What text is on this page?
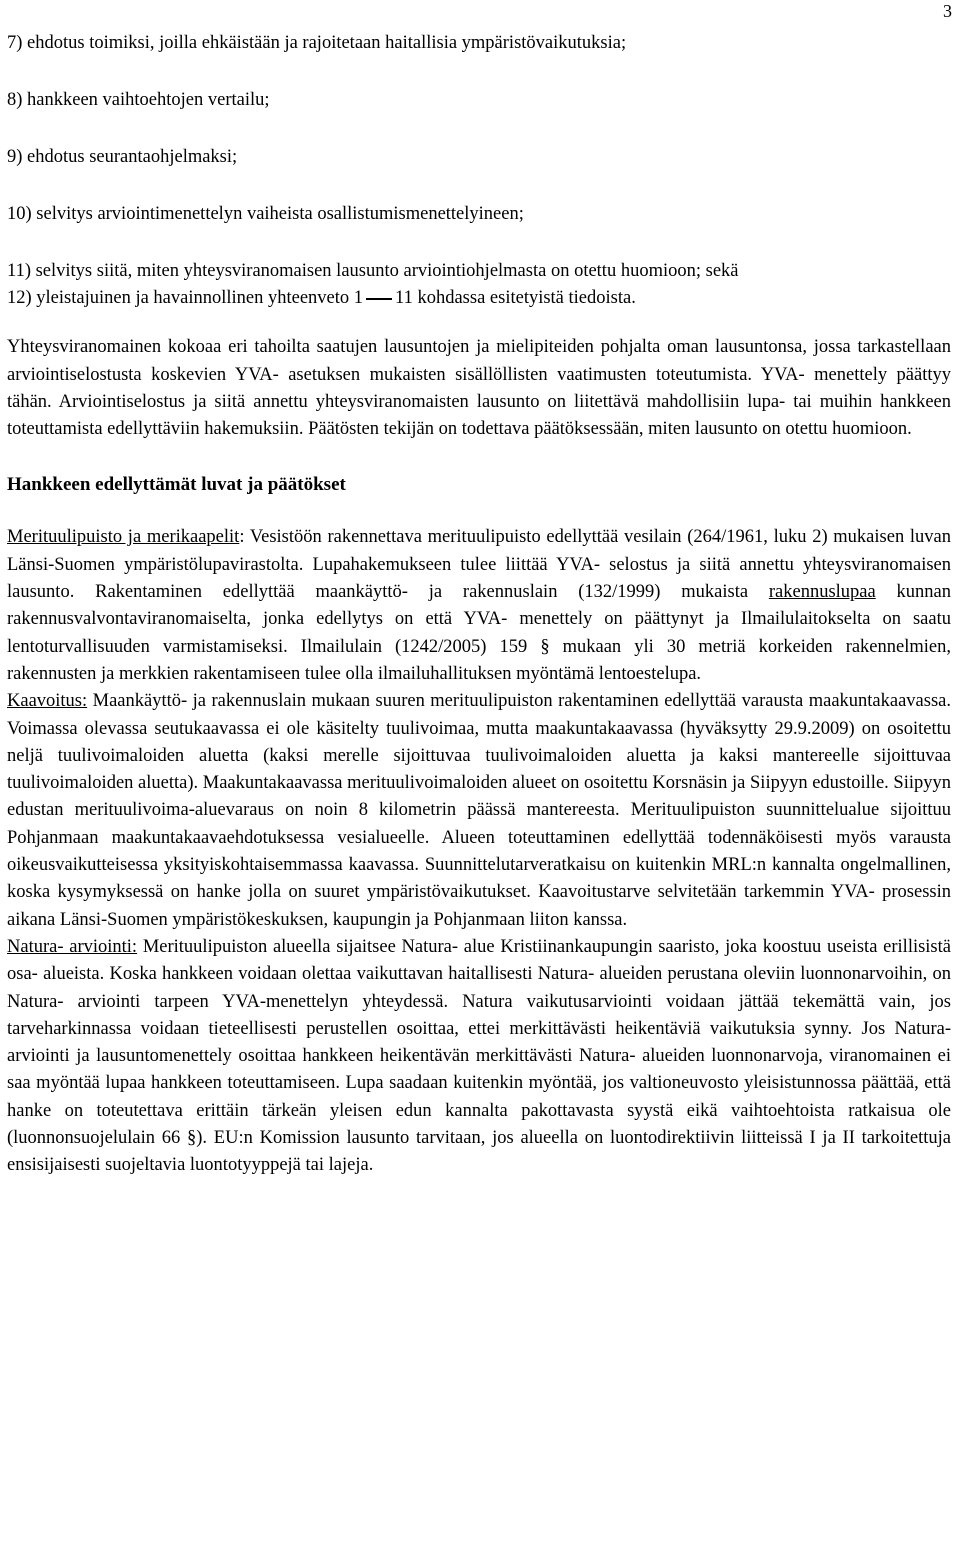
3

7) ehdotus toimiksi, joilla ehkäistään ja rajoitetaan haitallisia ympäristövaikutuksia;

8) hankkeen vaihtoehtojen vertailu;

9) ehdotus seurantaohjelmaksi;

10) selvitys arviointimenettelyn vaiheista osallistumismenettelyineen;

11) selvitys siitä, miten yhteysviranomaisen lausunto arviointiohjelmasta on otettu huomioon; sekä

12) yleistajuinen ja havainnollinen yhteenveto 1 11 kohdassa esitetyistä tiedoista.

Yhteysviranomainen kokoaa eri tahoilta saatujen lausuntojen ja mielipiteiden pohjalta oman lausuntonsa, jossa tarkastellaan arviointiselostusta koskevien YVA- asetuksen mukaisten sisällöllisten vaatimusten toteutumista. YVA- menettely päättyy tähän. Arviointiselostus ja siitä annettu yhteysviranomaisten lausunto on liitettävä mahdollisiin lupa- tai muihin hankkeen toteuttamista edellyttäviin hakemuksiin. Päätösten tekijän on todettava päätöksessään, miten lausunto on otettu huomioon.

Hankkeen edellyttämät luvat ja päätökset

Merituulipuisto ja merikaapelit: Vesistöön rakennettava merituulipuisto edellyttää vesilain (264/1961, luku 2) mukaisen luvan Länsi-Suomen ympäristölupavirastolta. Lupahakemukseen tulee liittää YVA- selostus ja siitä annettu yhteysviranomaisen lausunto. Rakentaminen edellyttää maankäyttö- ja rakennuslain (132/1999) mukaista rakennuslupaa kunnan rakennusvalvontaviranomaiselta, jonka edellytys on että YVA- menettely on päättynyt ja Ilmailulaitokselta on saatu lentoturvallisuuden varmistamiseksi. Ilmailulain (1242/2005) 159 § mukaan yli 30 metriä korkeiden rakennelmien, rakennusten ja merkkien rakentamiseen tulee olla ilmailuhallituksen myöntämä lentoestelupa.

Kaavoitus: Maankäyttö- ja rakennuslain mukaan suuren merituulipuiston rakentaminen edellyttää varausta maakuntakaavassa. Voimassa olevassa seutukaavassa ei ole käsitelty tuulivoimaa, mutta maakuntakaavassa (hyväksytty 29.9.2009) on osoitettu neljä tuulivoimaloiden aluetta (kaksi merelle sijoittuvaa tuulivoimaloiden aluetta ja kaksi mantereelle sijoittuvaa tuulivoimaloiden aluetta). Maakuntakaavassa merituulivoimaloiden alueet on osoitettu Korsnäsin ja Siipyyn edustoille. Siipyyn edustan merituulivoima-aluevaraus on noin 8 kilometrin päässä mantereesta. Merituulipuiston suunnittelualue sijoittuu Pohjanmaan maakuntakaavaehdotuksessa vesialueelle. Alueen toteuttaminen edellyttää todennäköisesti myös varausta oikeusvaikutteisessa yksityiskohtaisemmassa kaavassa. Suunnittelutarveratkaisu on kuitenkin MRL:n kannalta ongelmallinen, koska kysymyksessä on hanke jolla on suuret ympäristövaikutukset. Kaavoitustarve selvitetään tarkemmin YVA- prosessin aikana Länsi-Suomen ympäristökeskuksen, kaupungin ja Pohjanmaan liiton kanssa.

Natura- arviointi: Merituulipuiston alueella sijaitsee Natura- alue Kristiinankaupungin saaristo, joka koostuu useista erillisistä osa- alueista. Koska hankkeen voidaan olettaa vaikuttavan haitallisesti Natura- alueiden perustana oleviin luonnonarvoihin, on Natura- arviointi tarpeen YVA-menettelyn yhteydessä. Natura vaikutusarviointi voidaan jättää tekemättä vain, jos tarveharkinnassa voidaan tieteellisesti perustellen osoittaa, ettei merkittävästi heikentäviä vaikutuksia synny. Jos Natura- arviointi ja lausuntomenettely osoittaa hankkeen heikentävän merkittävästi Natura- alueiden luonnonarvoja, viranomainen ei saa myöntää lupaa hankkeen toteuttamiseen. Lupa saadaan kuitenkin myöntää, jos valtioneuvosto yleisistunnossa päättää, että hanke on toteutettava erittäin tärkeän yleisen edun kannalta pakottavasta syystä eikä vaihtoehtoista ratkaisua ole (luonnonsuojelulain 66 §). EU:n Komission lausunto tarvitaan, jos alueella on luontodirektiivin liitteissä I ja II tarkoitettuja ensisijaisesti suojeltavia luontotyyppejä tai lajeja.
